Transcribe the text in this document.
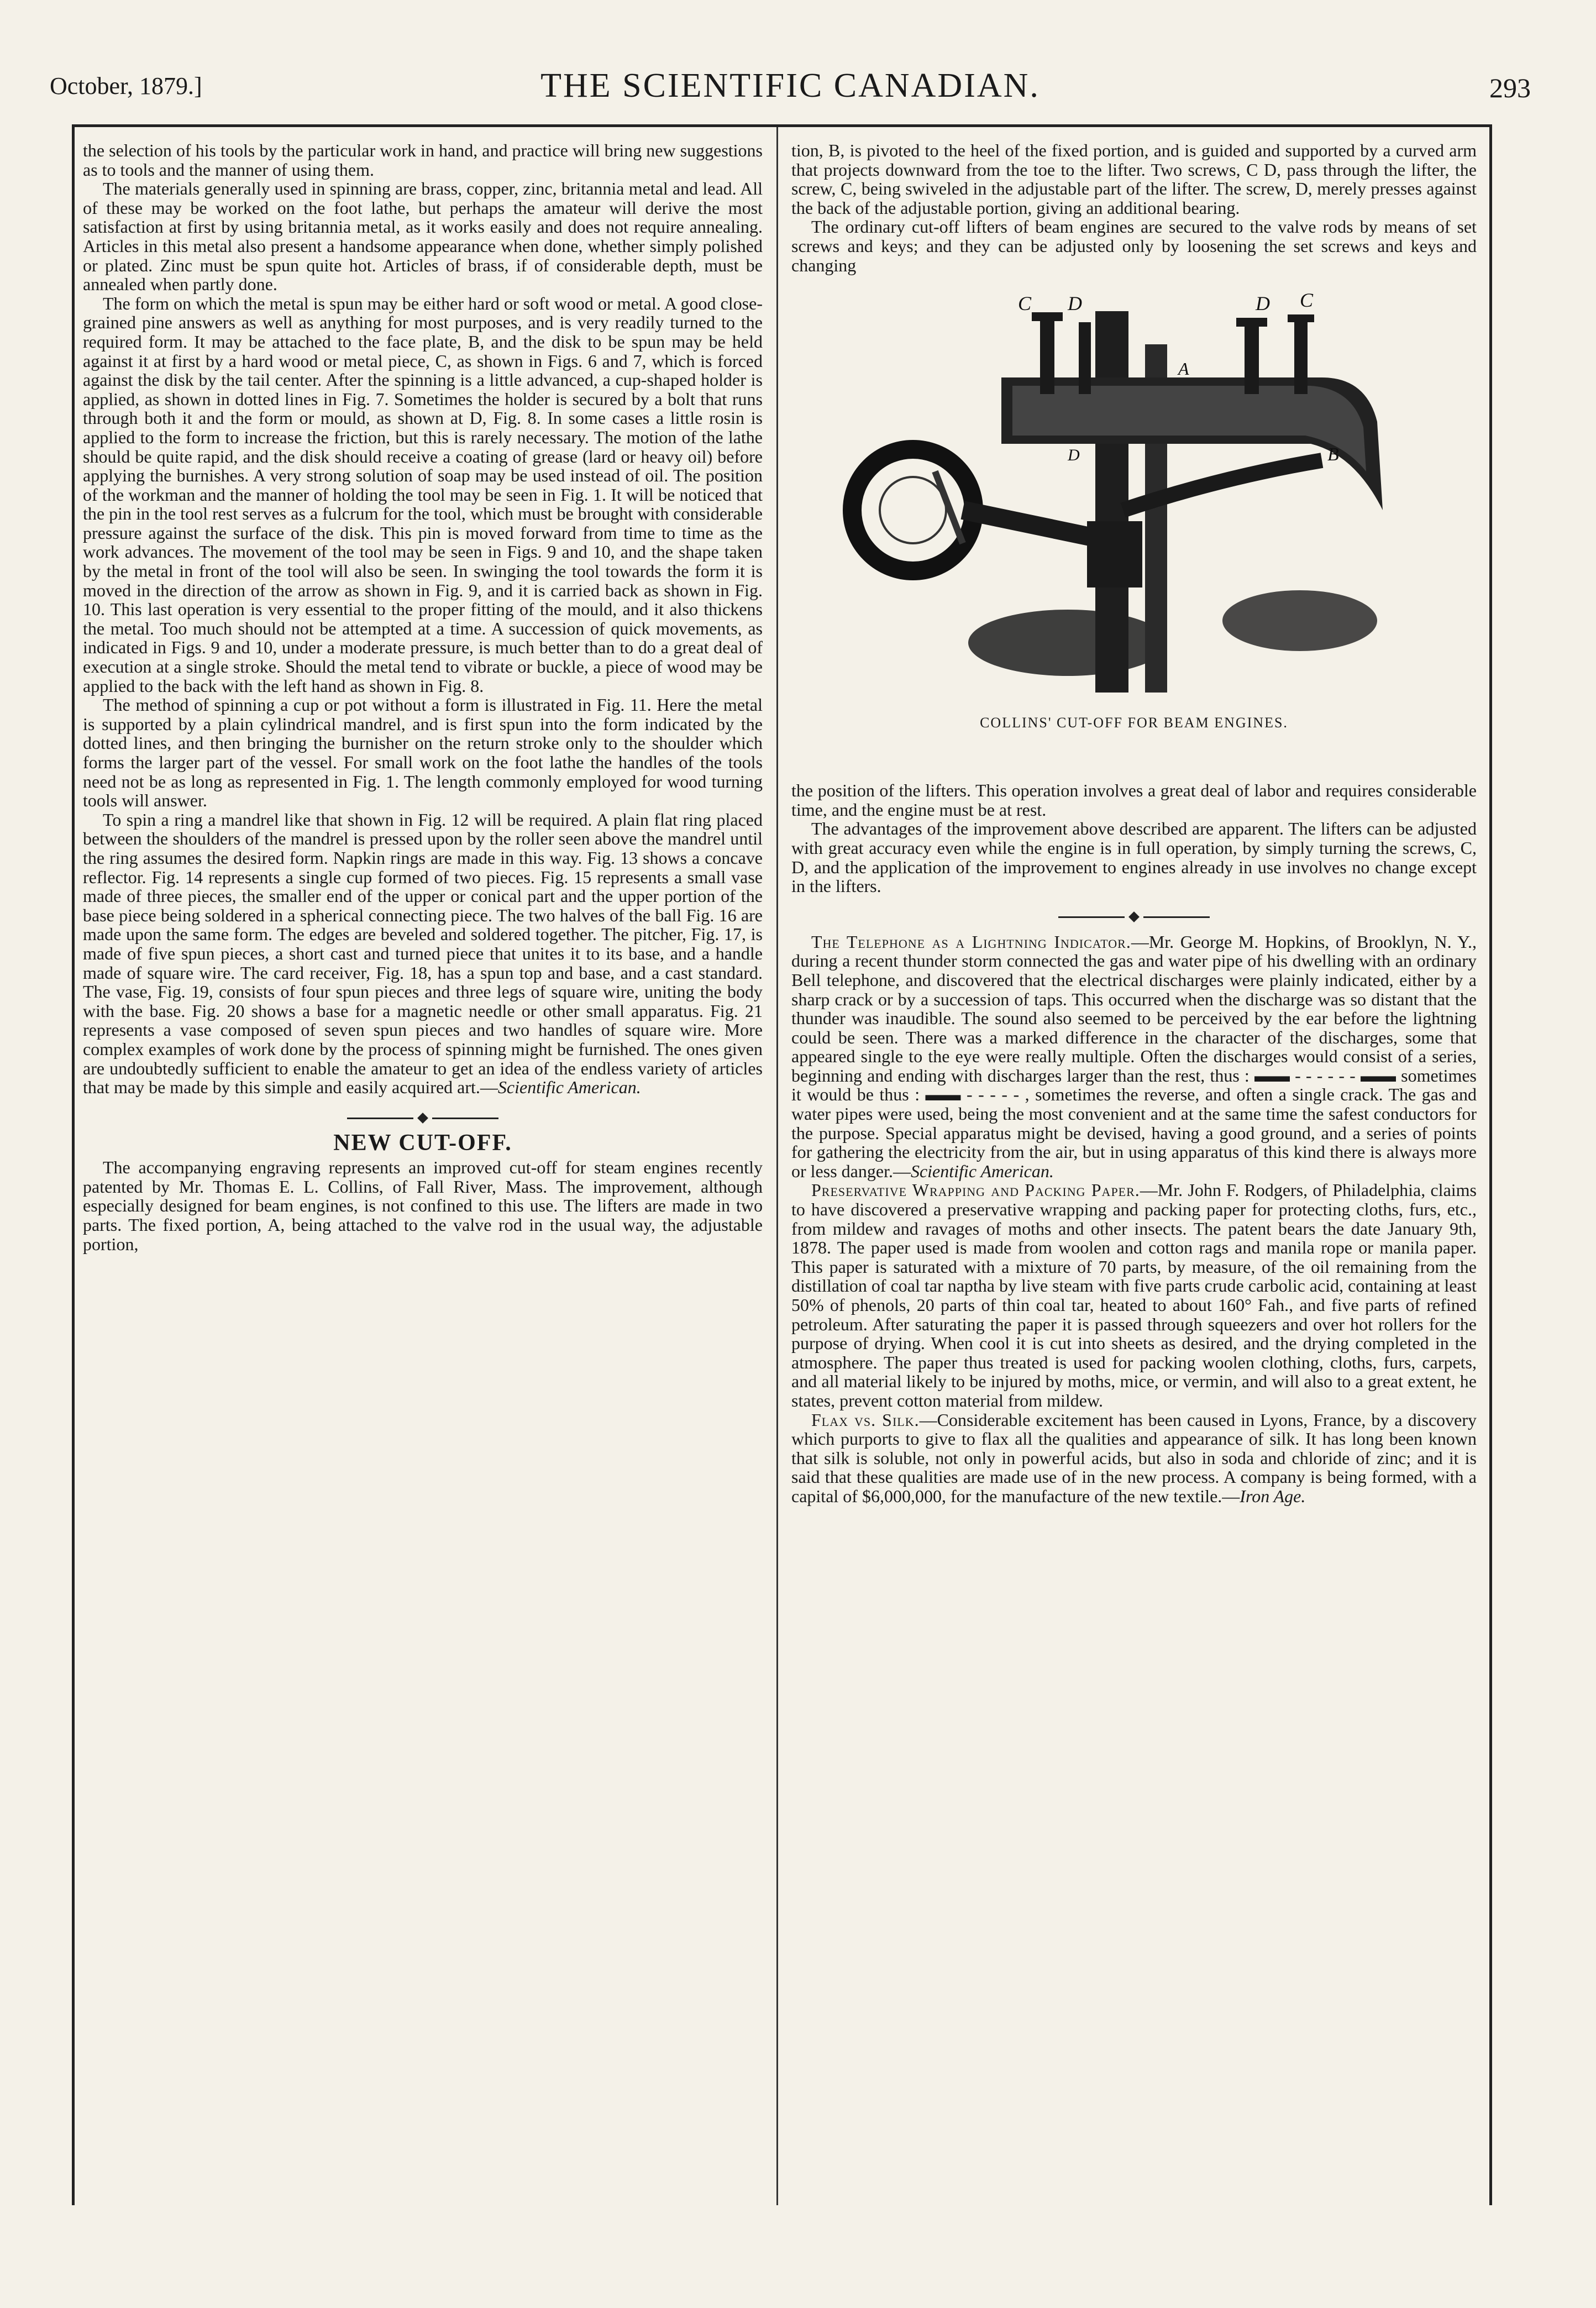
October, 1879.]	THE SCIENTIFIC CANADIAN.	293

the selection of his tools by the particular work in hand, and practice will bring new suggestions as to tools and the manner of using them.

The materials generally used in spinning are brass, copper, zinc, britannia metal and lead. All of these may be worked on the foot lathe, but perhaps the amateur will derive the most satisfaction at first by using britannia metal, as it works easily and does not require annealing. Articles in this metal also present a handsome appearance when done, whether simply polished or plated. Zinc must be spun quite hot. Articles of brass, if of considerable depth, must be annealed when partly done.

The form on which the metal is spun may be either hard or soft wood or metal. A good close-grained pine answers as well as anything for most purposes, and is very readily turned to the required form. It may be attached to the face plate, B, and the disk to be spun may be held against it at first by a hard wood or metal piece, C, as shown in Figs. 6 and 7, which is forced against the disk by the tail center. After the spinning is a little advanced, a cup-shaped holder is applied, as shown in dotted lines in Fig. 7. Sometimes the holder is secured by a bolt that runs through both it and the form or mould, as shown at D, Fig. 8. In some cases a little rosin is applied to the form to increase the friction, but this is rarely necessary. The motion of the lathe should be quite rapid, and the disk should receive a coating of grease (lard or heavy oil) before applying the burnishes. A very strong solution of soap may be used instead of oil. The position of the workman and the manner of holding the tool may be seen in Fig. 1. It will be noticed that the pin in the tool rest serves as a fulcrum for the tool, which must be brought with considerable pressure against the surface of the disk. This pin is moved forward from time to time as the work advances. The movement of the tool may be seen in Figs. 9 and 10, and the shape taken by the metal in front of the tool will also be seen. In swinging the tool towards the form it is moved in the direction of the arrow as shown in Fig. 9, and it is carried back as shown in Fig. 10. This last operation is very essential to the proper fitting of the mould, and it also thickens the metal. Too much should not be attempted at a time. A succession of quick movements, as indicated in Figs. 9 and 10, under a moderate pressure, is much better than to do a great deal of execution at a single stroke. Should the metal tend to vibrate or buckle, a piece of wood may be applied to the back with the left hand as shown in Fig. 8.

The method of spinning a cup or pot without a form is illustrated in Fig. 11. Here the metal is supported by a plain cylindrical mandrel, and is first spun into the form indicated by the dotted lines, and then bringing the burnisher on the return stroke only to the shoulder which forms the larger part of the vessel. For small work on the foot lathe the handles of the tools need not be as long as represented in Fig. 1. The length commonly employed for wood turning tools will answer.

To spin a ring a mandrel like that shown in Fig. 12 will be required. A plain flat ring placed between the shoulders of the mandrel is pressed upon by the roller seen above the mandrel until the ring assumes the desired form. Napkin rings are made in this way. Fig. 13 shows a concave reflector. Fig. 14 represents a single cup formed of two pieces. Fig. 15 represents a small vase made of three pieces, the smaller end of the upper or conical part and the upper portion of the base piece being soldered in a spherical connecting piece. The two halves of the ball Fig. 16 are made upon the same form. The edges are beveled and soldered together. The pitcher, Fig. 17, is made of five spun pieces, a short cast and turned piece that unites it to its base, and a handle made of square wire. The card receiver, Fig. 18, has a spun top and base, and a cast standard. The vase, Fig. 19, consists of four spun pieces and three legs of square wire, uniting the body with the base. Fig. 20 shows a base for a magnetic needle or other small apparatus. Fig. 21 represents a vase composed of seven spun pieces and two handles of square wire. More complex examples of work done by the process of spinning might be furnished. The ones given are undoubtedly sufficient to enable the amateur to get an idea of the endless variety of articles that may be made by this simple and easily acquired art.—Scientific American.

NEW CUT-OFF.

The accompanying engraving represents an improved cut-off for steam engines recently patented by Mr. Thomas E. L. Collins, of Fall River, Mass. The improvement, although especially designed for beam engines, is not confined to this use. The lifters are made in two parts. The fixed portion, A, being attached to the valve rod in the usual way, the adjustable portion,

tion, B, is pivoted to the heel of the fixed portion, and is guided and supported by a curved arm that projects downward from the toe to the lifter. Two screws, C D, pass through the lifter, the screw, C, being swiveled in the adjustable part of the lifter. The screw, D, merely presses against the back of the adjustable portion, giving an additional bearing.

The ordinary cut-off lifters of beam engines are secured to the valve rods by means of set screws and keys; and they can be adjusted only by loosening the set screws and keys and changing

C D	D C
A
D	B
COLLINS' CUT-OFF FOR BEAM ENGINES.

the position of the lifters. This operation involves a great deal of labor and requires considerable time, and the engine must be at rest.

The advantages of the improvement above described are apparent. The lifters can be adjusted with great accuracy even while the engine is in full operation, by simply turning the screws, C, D, and the application of the improvement to engines already in use involves no change except in the lifters.

The Telephone as a Lightning Indicator.—Mr. George M. Hopkins, of Brooklyn, N. Y., during a recent thunder storm connected the gas and water pipe of his dwelling with an ordinary Bell telephone, and discovered that the electrical discharges were plainly indicated, either by a sharp crack or by a succession of taps. This occurred when the discharge was so distant that the thunder was inaudible. The sound also seemed to be perceived by the ear before the lightning could be seen. There was a marked difference in the character of the discharges, some that appeared single to the eye were really multiple. Often the discharges would consist of a series, beginning and ending with discharges larger than the rest, thus : ▬▬ - - - - - - ▬▬ sometimes it would be thus : ▬▬ - - - - - , sometimes the reverse, and often a single crack. The gas and water pipes were used, being the most convenient and at the same time the safest conductors for the purpose. Special apparatus might be devised, having a good ground, and a series of points for gathering the electricity from the air, but in using apparatus of this kind there is always more or less danger.—Scientific American.

Preservative Wrapping and Packing Paper.—Mr. John F. Rodgers, of Philadelphia, claims to have discovered a preservative wrapping and packing paper for protecting cloths, furs, etc., from mildew and ravages of moths and other insects. The patent bears the date January 9th, 1878. The paper used is made from woolen and cotton rags and manila rope or manila paper. This paper is saturated with a mixture of 70 parts, by measure, of the oil remaining from the distillation of coal tar naptha by live steam with five parts crude carbolic acid, containing at least 50% of phenols, 20 parts of thin coal tar, heated to about 160° Fah., and five parts of refined petroleum. After saturating the paper it is passed through squeezers and over hot rollers for the purpose of drying. When cool it is cut into sheets as desired, and the drying completed in the atmosphere. The paper thus treated is used for packing woolen clothing, cloths, furs, carpets, and all material likely to be injured by moths, mice, or vermin, and will also to a great extent, he states, prevent cotton material from mildew.

Flax vs. Silk.—Considerable excitement has been caused in Lyons, France, by a discovery which purports to give to flax all the qualities and appearance of silk. It has long been known that silk is soluble, not only in powerful acids, but also in soda and chloride of zinc; and it is said that these qualities are made use of in the new process. A company is being formed, with a capital of $6,000,000, for the manufacture of the new textile.—Iron Age.
